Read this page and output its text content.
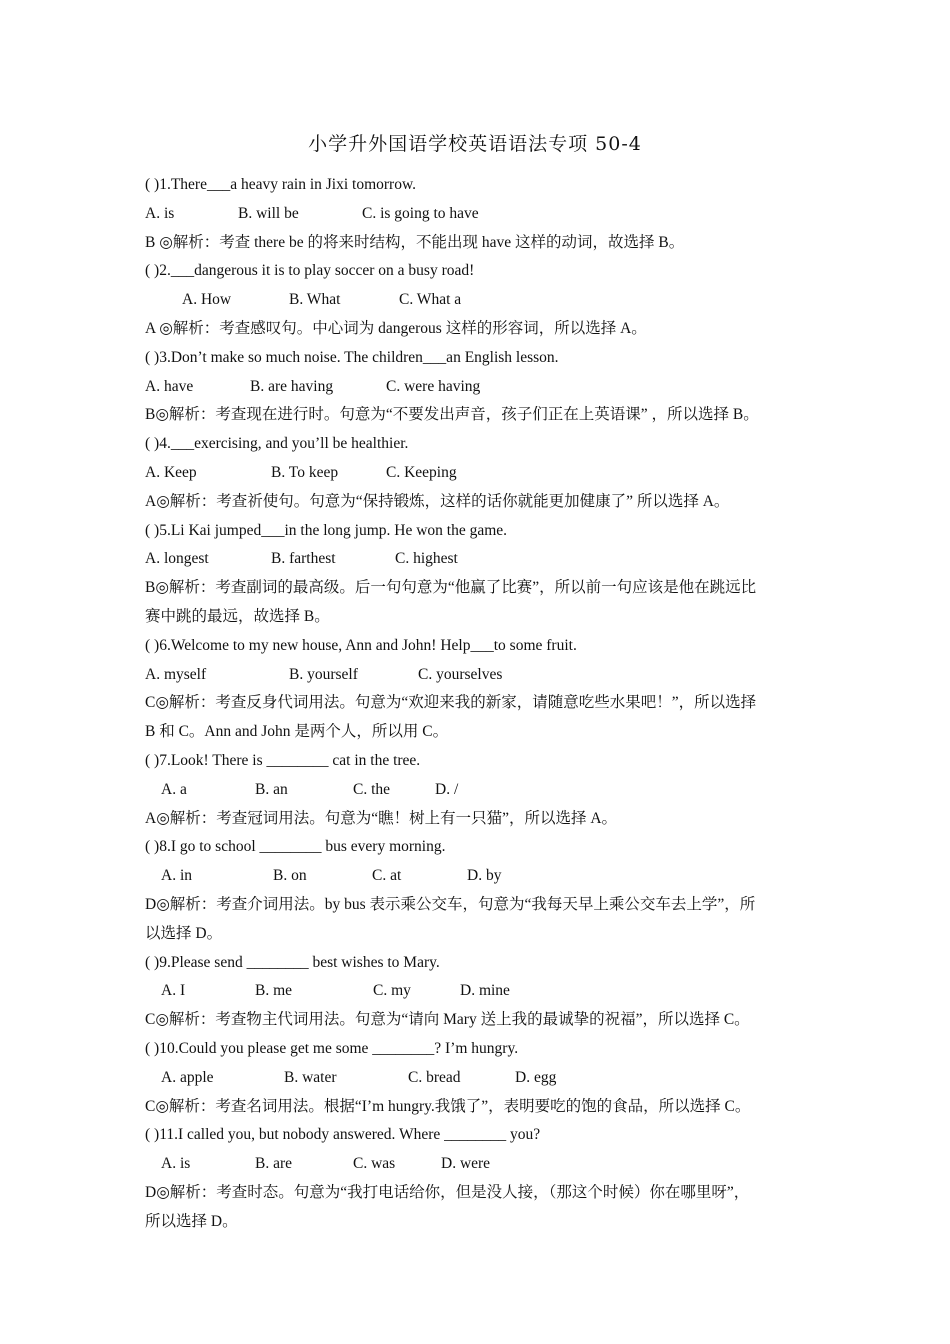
小学升外国语学校英语语法专项 50-4
( )1.There___a heavy rain in Jixi tomorrow.
A. is	B. will be	C. is going to have
B ◎解析：考查 there be 的将来时结构，不能出现 have 这样的动词，故选择 B。
( )2.___dangerous it is to play soccer on a busy road!
A. How	B. What	C. What a
A ◎解析：考查感叹句。中心词为 dangerous 这样的形容词，所以选择 A。
( )3.Don’t make so much noise. The children___an English lesson.
A. have	B. are having	C. were having
B◎解析：考查现在进行时。句意为“不要发出声音，孩子们正在上英语课” ，所以选择 B。
( )4.___exercising, and you’ll be healthier.
A. Keep	B. To keep	C. Keeping
A◎解析：考查祈使句。句意为“保持锻炼，这样的话你就能更加健康了” 所以选择 A。
( )5.Li Kai jumped___in the long jump. He won the game.
A. longest	B. farthest	C. highest
B◎解析：考查副词的最高级。后一句句意为“他赢了比赛”，所以前一句应该是他在跳远比
赛中跳的最远，故选择 B。
( )6.Welcome to my new house, Ann and John! Help___to some fruit.
A. myself	B. yourself	C. yourselves
C◎解析：考查反身代词用法。句意为“欢迎来我的新家，请随意吃些水果吧！”，所以选择
B 和 C。Ann and John 是两个人，所以用 C。
( )7.Look! There is ________ cat in the tree.
A. a	B. an	C. the	D. /
A◎解析：考查冠词用法。句意为“瞧！树上有一只猫”，所以选择 A。
( )8.I go to school ________ bus every morning.
A. in	B. on	C. at	D. by
D◎解析：考查介词用法。by bus 表示乘公交车，句意为“我每天早上乘公交车去上学”，所
以选择 D。
( )9.Please send ________ best wishes to Mary.
A. I	B. me	C. my	D. mine
C◎解析：考查物主代词用法。句意为“请向 Mary 送上我的最诚挚的祝福”，所以选择 C。
( )10.Could you please get me some ________? I’m hungry.
A. apple	B. water	C. bread	D. egg
C◎解析：考查名词用法。根据“I’m hungry.我饿了”，表明要吃的饱的食品，所以选择 C。
( )11.I called you, but nobody answered. Where ________ you?
A. is	B. are	C. was	D. were
D◎解析：考查时态。句意为“我打电话给你，但是没人接，（那这个时候）你在哪里呀”，
所以选择 D。
